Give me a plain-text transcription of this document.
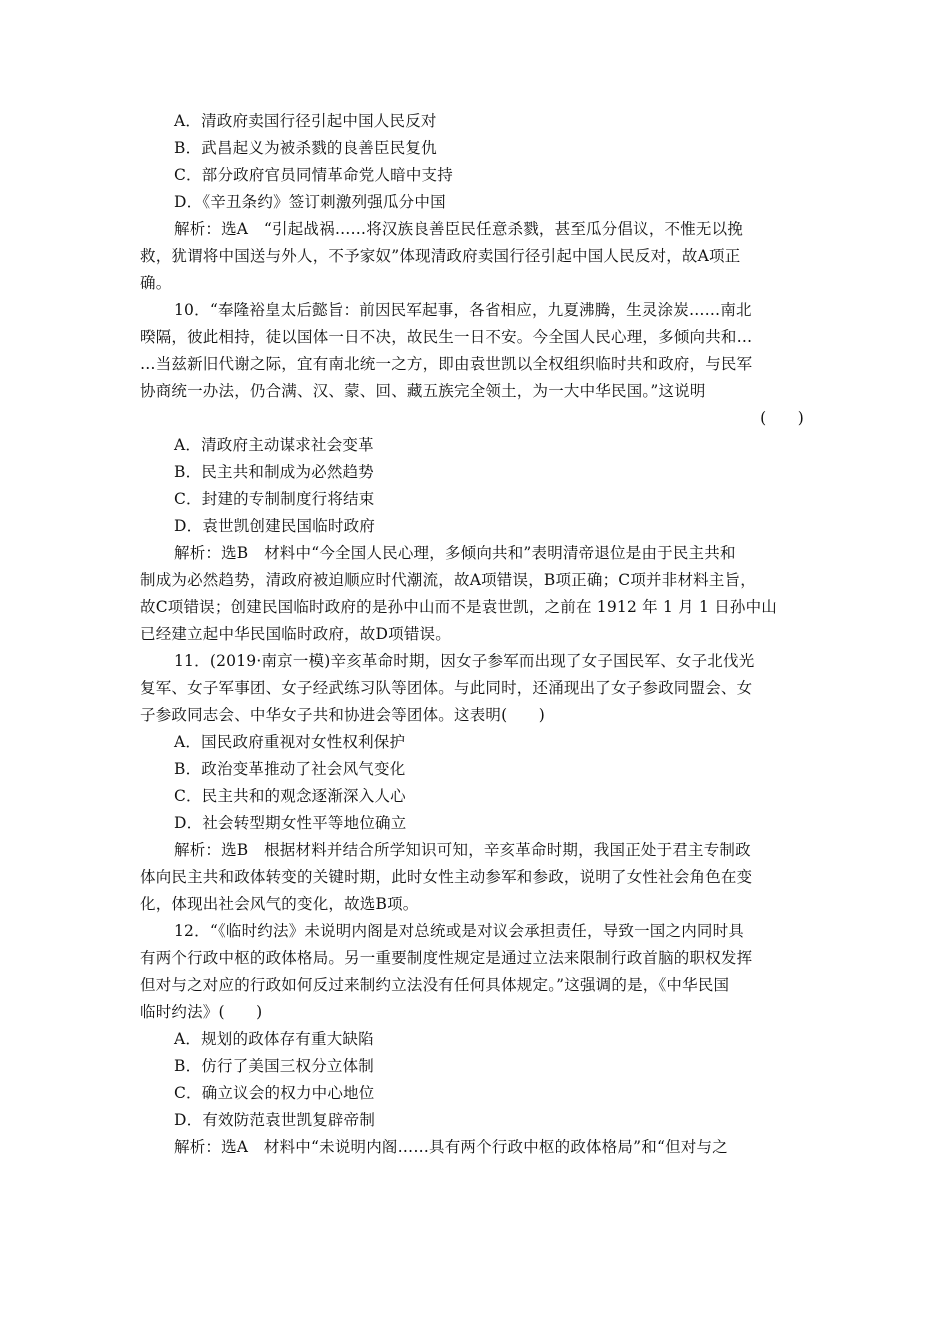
A．清政府卖国行径引起中国人民反对
B．武昌起义为被杀戮的良善臣民复仇
C．部分政府官员同情革命党人暗中支持
D．《辛丑条约》签订刺激列强瓜分中国
解析：选A　“引起战祸……将汉族良善臣民任意杀戮，甚至瓜分倡议，不惟无以挽
救，犹谓将中国送与外人，不予家奴”体现清政府卖国行径引起中国人民反对，故A项正
确。
10．“奉隆裕皇太后懿旨：前因民军起事，各省相应，九夏沸腾，生灵涂炭……南北
暌隔，彼此相持，徒以国体一日不决，故民生一日不安。今全国人民心理，多倾向共和…
…当兹新旧代谢之际，宜有南北统一之方，即由袁世凯以全权组织临时共和政府，与民军
协商统一办法，仍合满、汉、蒙、回、藏五族完全领土，为一大中华民国。”这说明
(　　)
A．清政府主动谋求社会变革
B．民主共和制成为必然趋势
C．封建的专制制度行将结束
D．袁世凯创建民国临时政府
解析：选B　材料中“今全国人民心理，多倾向共和”表明清帝退位是由于民主共和
制成为必然趋势，清政府被迫顺应时代潮流，故A项错误，B项正确；C项并非材料主旨，
故C项错误；创建民国临时政府的是孙中山而不是袁世凯，之前在 1912 年 1 月 1 日孙中山
已经建立起中华民国临时政府，故D项错误。
11．(2019·南京一模)辛亥革命时期，因女子参军而出现了女子国民军、女子北伐光
复军、女子军事团、女子经武练习队等团体。与此同时，还涌现出了女子参政同盟会、女
子参政同志会、中华女子共和协进会等团体。这表明(　　)
A．国民政府重视对女性权利保护
B．政治变革推动了社会风气变化
C．民主共和的观念逐渐深入人心
D．社会转型期女性平等地位确立
解析：选B　根据材料并结合所学知识可知，辛亥革命时期，我国正处于君主专制政
体向民主共和政体转变的关键时期，此时女性主动参军和参政，说明了女性社会角色在变
化，体现出社会风气的变化，故选B项。
12．“《临时约法》未说明内阁是对总统或是对议会承担责任，导致一国之内同时具
有两个行政中枢的政体格局。另一重要制度性规定是通过立法来限制行政首脑的职权发挥
但对与之对应的行政如何反过来制约立法没有任何具体规定。”这强调的是，《中华民国
临时约法》(　　)
A．规划的政体存有重大缺陷
B．仿行了美国三权分立体制
C．确立议会的权力中心地位
D．有效防范袁世凯复辟帝制
解析：选A　材料中“未说明内阁……具有两个行政中枢的政体格局”和“但对与之
